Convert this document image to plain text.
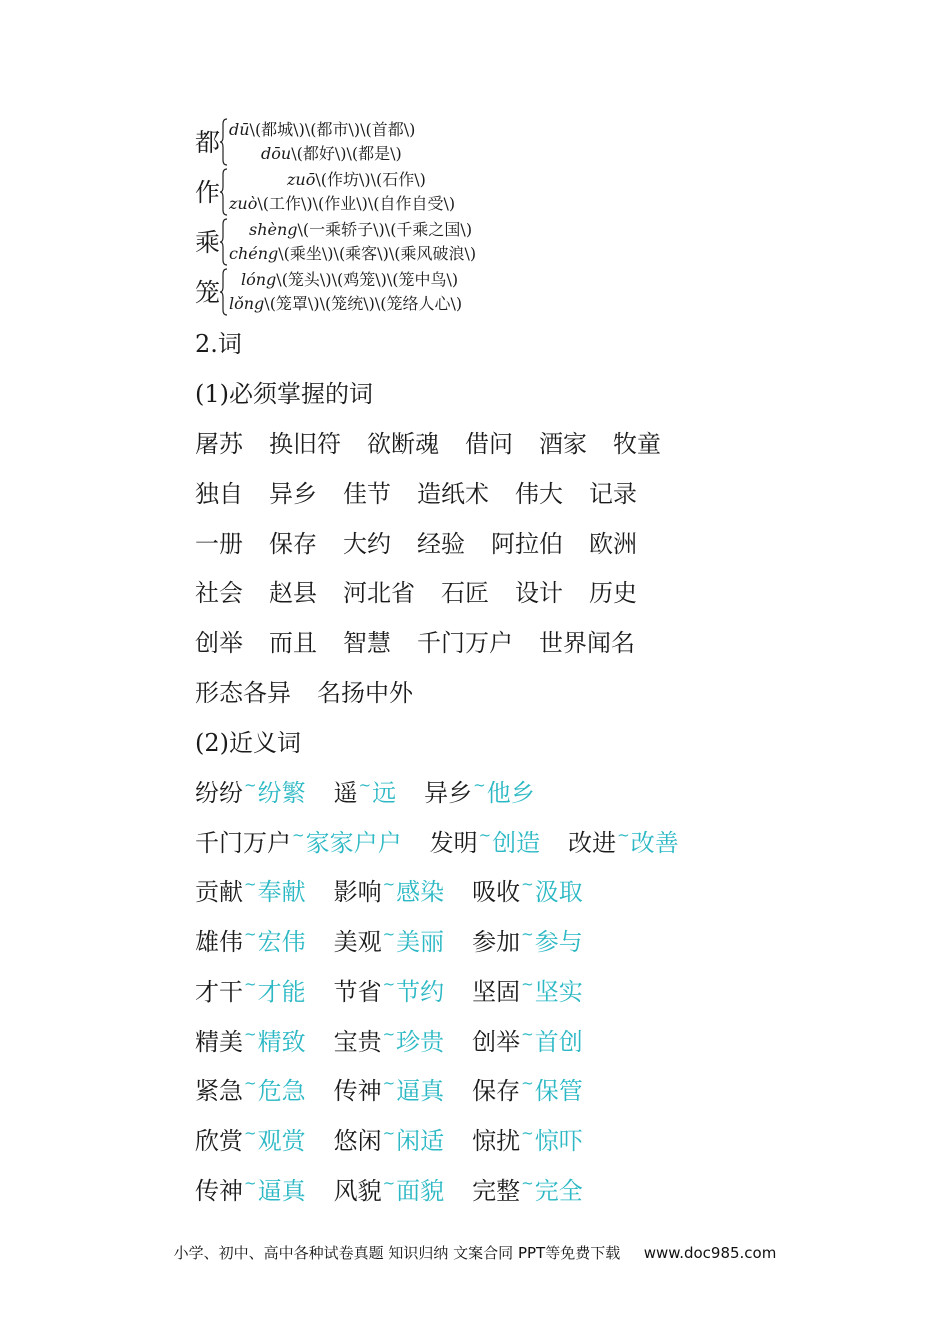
都 dū\(都城\)\(都市\)\(首都\)
dōu\(都好\)\(都是\)
作	zuō\(作坊\)\(石作\)
zuò\(工作\)\(作业\)\(自作自受\)
乘 shèng\(一乘轿子\)\(千乘之国\)
chéng\(乘坐\)\(乘客\)\(乘风破浪\)
笼 lóng\(笼头\)\(鸡笼\)\(笼中鸟\)
lǒng\(笼罩\)\(笼统\)\(笼络人心\)
2.词
(1)必须掌握的词
屠苏 换旧符 欲断魂 借问 酒家 牧童
独自 异乡 佳节 造纸术 伟大 记录
一册 保存 大约 经验 阿拉伯 欧洲
社会 赵县 河北省 石匠 设计 历史
创举 而且 智慧 千门万户 世界闻名
形态各异 名扬中外
(2)近义词
纷纷~纷繁 遥~远 异乡~他乡
千门万户~家家户户 发明~创造 改进~改善
贡献~奉献 影响~感染 吸收~汲取
雄伟~宏伟 美观~美丽 参加~参与
才干~才能 节省~节约 坚固~坚实
精美~精致 宝贵~珍贵 创举~首创
紧急~危急 传神~逼真 保存~保管
欣赏~观赏 悠闲~闲适 惊扰~惊吓
传神~逼真 风貌~面貌 完整~完全
小学、初中、高中各种试卷真题 知识归纳 文案合同 PPT等免费下载 www.doc985.com
